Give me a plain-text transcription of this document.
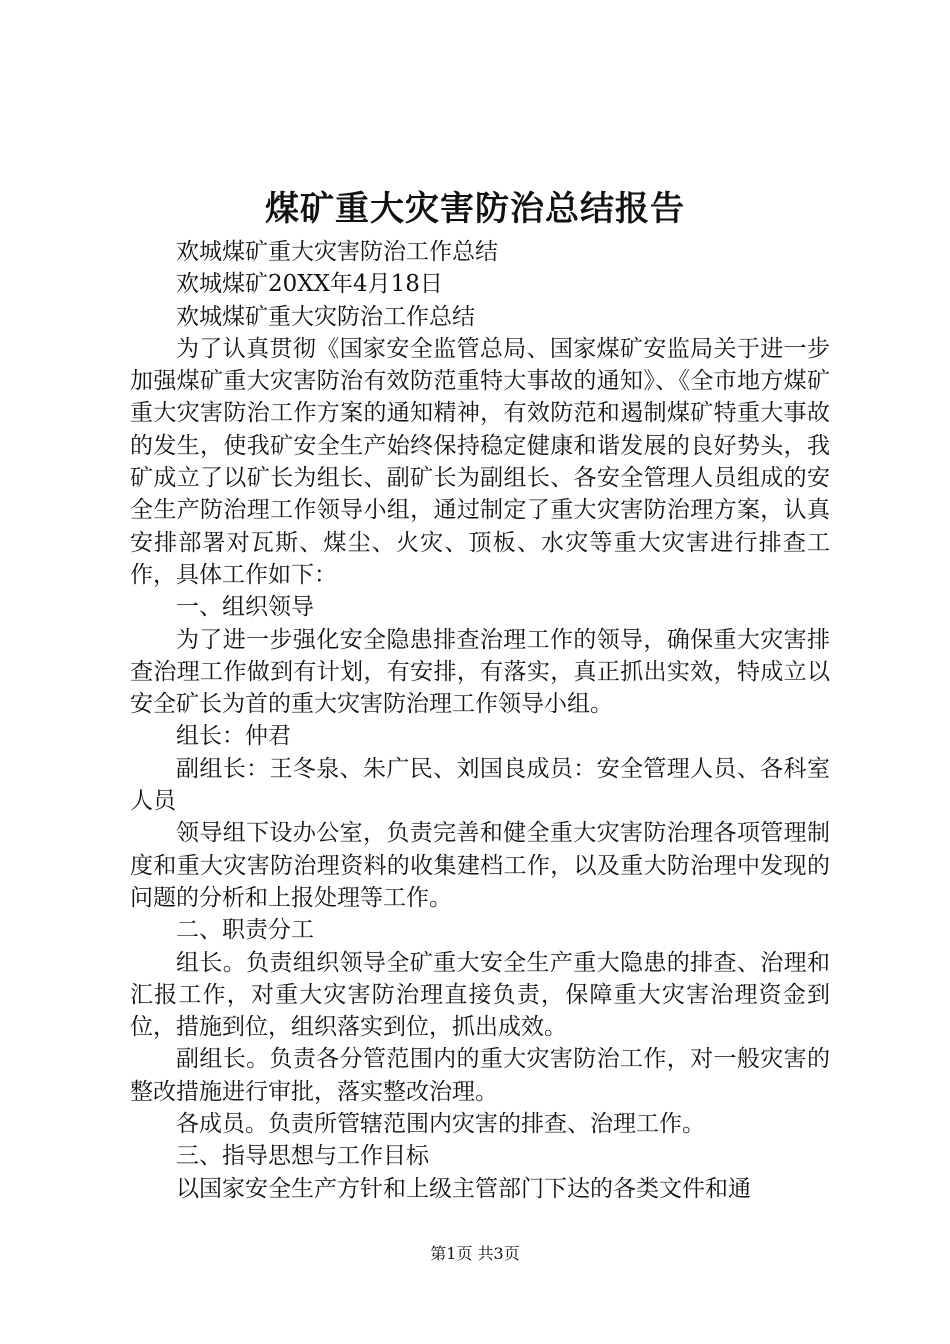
煤矿重大灾害防治总结报告

欢城煤矿重大灾害防治工作总结

欢城煤矿20XX年4月18日

欢城煤矿重大灾防治工作总结

为了认真贯彻《国家安全监管总局、国家煤矿安监局关于进一步加强煤矿重大灾害防治有效防范重特大事故的通知》、《全市地方煤矿重大灾害防治工作方案的通知精神，有效防范和遏制煤矿特重大事故的发生，使我矿安全生产始终保持稳定健康和谐发展的良好势头，我矿成立了以矿长为组长、副矿长为副组长、各安全管理人员组成的安全生产防治理工作领导小组，通过制定了重大灾害防治理方案，认真安排部署对瓦斯、煤尘、火灾、顶板、水灾等重大灾害进行排查工作，具体工作如下：

一、组织领导

为了进一步强化安全隐患排查治理工作的领导，确保重大灾害排查治理工作做到有计划，有安排，有落实，真正抓出实效，特成立以安全矿长为首的重大灾害防治理工作领导小组。

组长：仲君

副组长：王冬泉、朱广民、刘国良成员：安全管理人员、各科室人员

领导组下设办公室，负责完善和健全重大灾害防治理各项管理制度和重大灾害防治理资料的收集建档工作，以及重大防治理中发现的问题的分析和上报处理等工作。

二、职责分工

组长。负责组织领导全矿重大安全生产重大隐患的排查、治理和汇报工作，对重大灾害防治理直接负责，保障重大灾害治理资金到位，措施到位，组织落实到位，抓出成效。

副组长。负责各分管范围内的重大灾害防治工作，对一般灾害的整改措施进行审批，落实整改治理。

各成员。负责所管辖范围内灾害的排查、治理工作。

三、指导思想与工作目标

以国家安全生产方针和上级主管部门下达的各类文件和通

第1页 共3页
